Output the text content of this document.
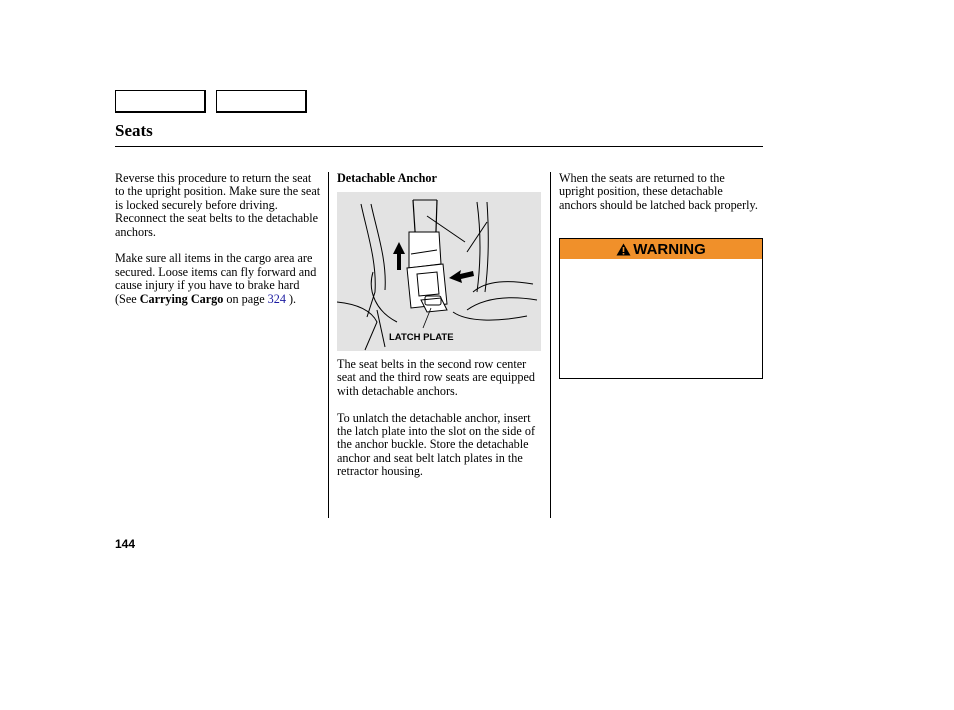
Seats

Reverse this procedure to return the seat to the upright position. Make sure the seat is locked securely before driving. Reconnect the seat belts to the detachable anchors.

Make sure all items in the cargo area are secured. Loose items can fly forward and cause injury if you have to brake hard (See Carrying Cargo on page 324 ).

Detachable Anchor

LATCH PLATE

The seat belts in the second row center seat and the third row seats are equipped with detachable anchors.

To unlatch the detachable anchor, insert the latch plate into the slot on the side of the anchor buckle. Store the detachable anchor and seat belt latch plates in the retractor housing.

When the seats are returned to the upright position, these detachable anchors should be latched back properly.

WARNING
144
